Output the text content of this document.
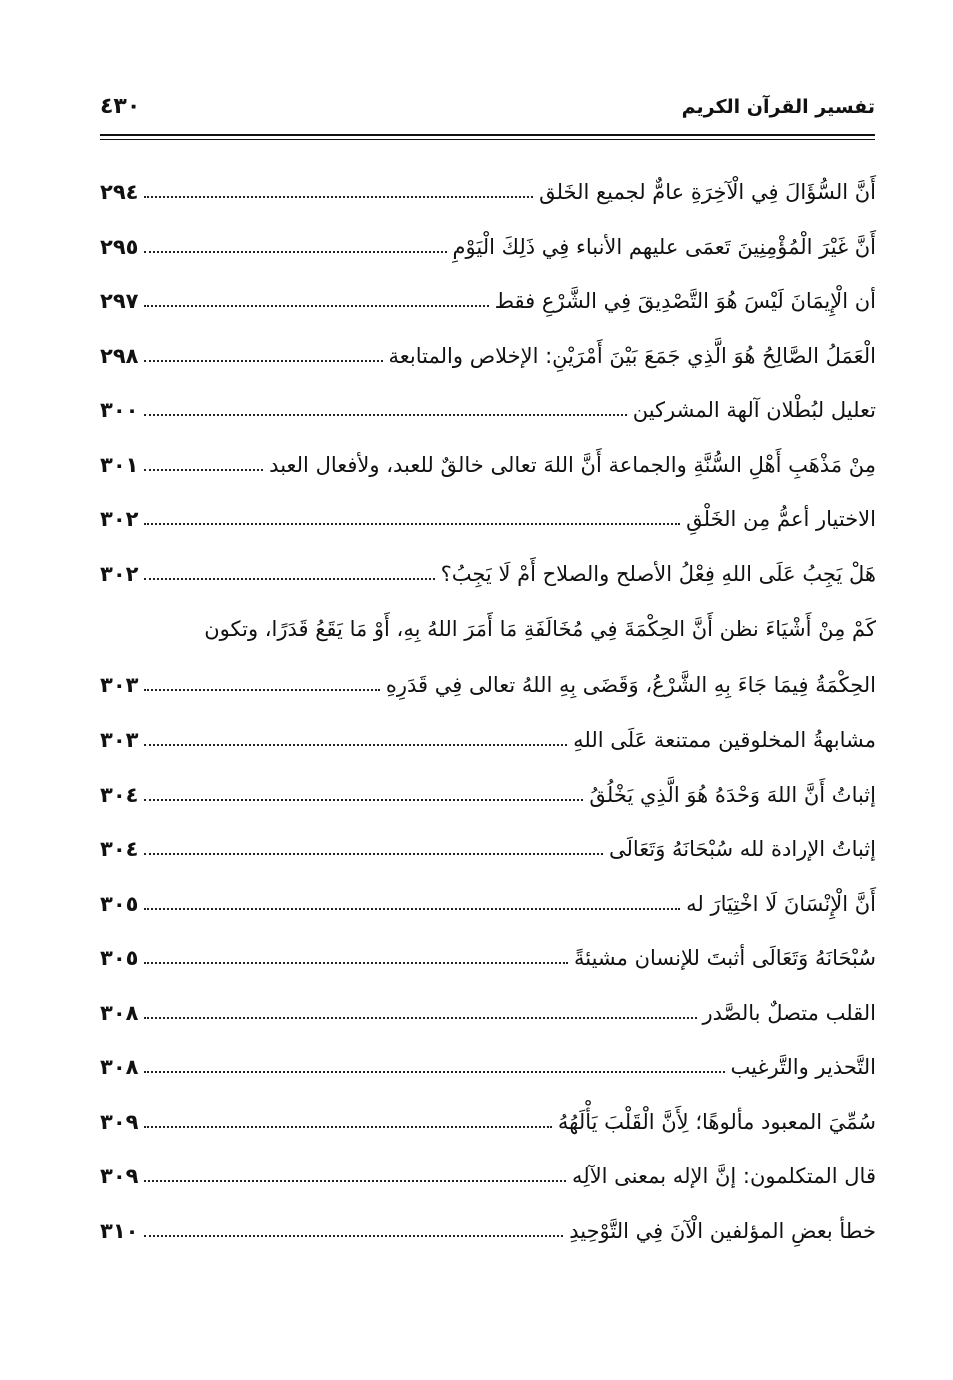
تفسير القرآن الكريم
٤٣٠
أَنَّ السُّؤَالَ فِي الْآخِرَةِ عامٌّ لجميع الخَلق
٢٩٤
أَنَّ غَيْرَ الْمُؤْمِنِينَ تَعمَى عليهم الأنباء فِي ذَلِكَ الْيَوْمِ
٢٩٥
أن الْإِيمَانَ لَيْسَ هُوَ التَّصْدِيقَ فِي الشَّرْعِ فقط
٢٩٧
الْعَمَلُ الصَّالِحُ هُوَ الَّذِي جَمَعَ بَيْنَ أَمْرَيْنِ: الإخلاص والمتابعة
٢٩٨
تعليل لبُطْلان آلهة المشركين
٣٠٠
مِنْ مَذْهَبِ أَهْلِ السُّنَّةِ والجماعة أَنَّ اللهَ تعالى خالقٌ للعبد، ولأفعال العبد
٣٠١
الاختيار أعمُّ مِن الخَلْقِ
٣٠٢
هَلْ يَجِبُ عَلَى اللهِ فِعْلُ الأصلح والصلاح أَمْ لَا يَجِبُ؟
٣٠٢
كَمْ مِنْ أَشْيَاءَ نظن أَنَّ الحِكْمَةَ فِي مُخَالَفَةِ مَا أَمَرَ اللهُ بِهِ، أَوْ مَا يَقَعُ قَدَرًا، وتكون
الحِكْمَةُ فِيمَا جَاءَ بِهِ الشَّرْعُ، وَقَضَى بِهِ اللهُ تعالى فِي قَدَرِهِ
٣٠٣
مشابهةُ المخلوقين ممتنعة عَلَى اللهِ
٣٠٣
إثباتُ أَنَّ اللهَ وَحْدَهُ هُوَ الَّذِي يَخْلُقُ
٣٠٤
إثباتُ الإرادة لله سُبْحَانَهُ وَتَعَالَى
٣٠٤
أَنَّ الْإِنْسَانَ لَا اخْتِيَارَ له
٣٠٥
سُبْحَانَهُ وَتَعَالَى أثبتَ للإنسان مشيئةً
٣٠٥
القلب متصلٌ بالصَّدر
٣٠٨
التَّحذير والتَّرغيب
٣٠٨
سُمِّيَ المعبود مألوهًا؛ لِأَنَّ الْقَلْبَ يَأْلَهُهُ
٣٠٩
قال المتكلمون: إنَّ الإله بمعنى الآلِه
٣٠٩
خطأ بعضِ المؤلفين الْآنَ فِي التَّوْحِيدِ
٣١٠
